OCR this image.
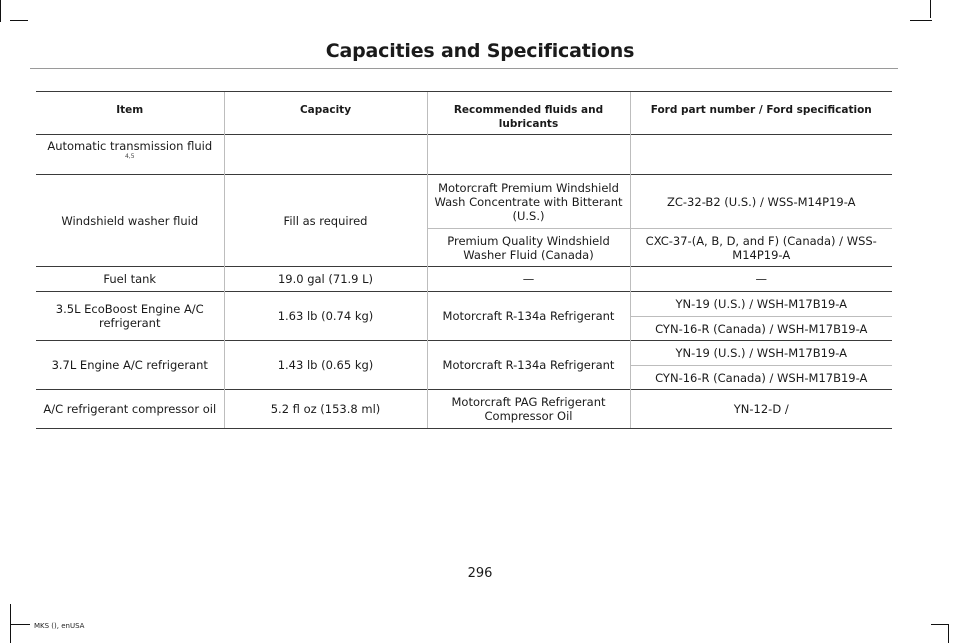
Capacities and Specifications
Item	Capacity	Recommended fluids and lubricants	Ford part number / Ford specification
Automatic transmission fluid
4,5			

Windshield washer fluid	Fill as required	Motorcraft Premium Windshield Wash Concentrate with Bitterant (U.S.)	ZC-32-B2 (U.S.) / WSS-M14P19-A
		Premium Quality Windshield Washer Fluid (Canada)	CXC-37-(A, B, D, and F) (Canada) / WSS-M14P19-A
Fuel tank	19.0 gal (71.9 L)	—	—
3.5L EcoBoost Engine A/C refrigerant	1.63 lb (0.74 kg)	Motorcraft R-134a Refrigerant	YN-19 (U.S.) / WSH-M17B19-A
			CYN-16-R (Canada) / WSH-M17B19-A
3.7L Engine A/C refrigerant	1.43 lb (0.65 kg)	Motorcraft R-134a Refrigerant	YN-19 (U.S.) / WSH-M17B19-A
			CYN-16-R (Canada) / WSH-M17B19-A
A/C refrigerant compressor oil	5.2 fl oz (153.8 ml)	Motorcraft PAG Refrigerant Compressor Oil	YN-12-D /
296
MKS (), enUSA
